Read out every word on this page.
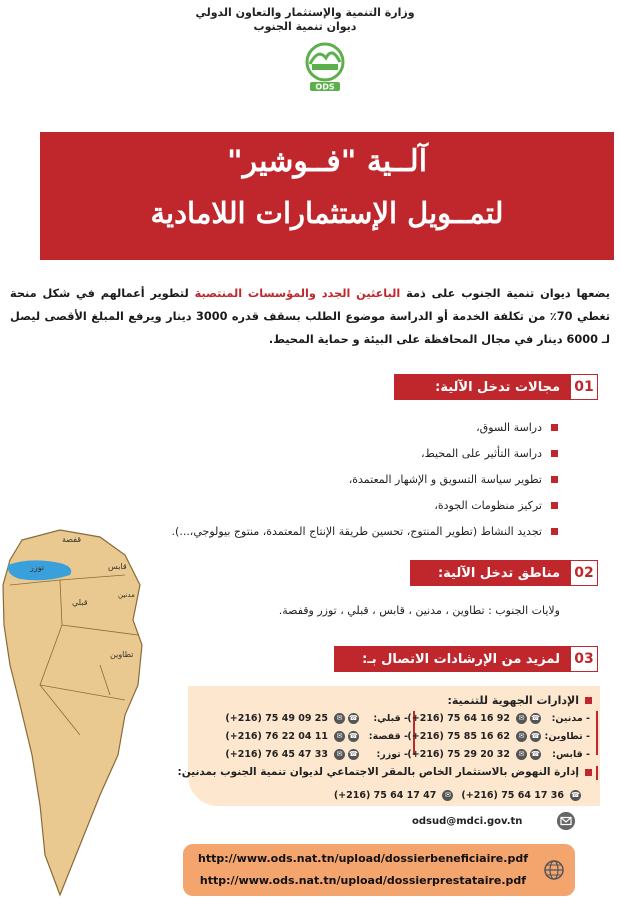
وزارة التنمية والإستثمار والتعاون الدولي
ديوان تنمية الجنوب
ODS
آلــية "فــوشير"
لتمــويل الإستثمارات اللامادية

يضعها ديوان تنمية الجنوب على ذمة الباعثين الجدد والمؤسسات المنتصبة لتطوير أعمالهم في شكل منحة تغطي 70٪ من تكلفة الخدمة أو الدراسة موضوع الطلب بسقف قدره 3000 دينار ويرفع المبلغ الأقصى ليصل لـ 6000 دينار في مجال المحافظة على البيئة و حماية المحيط.

01
مجالات تدخل الآلية:
دراسة السوق،
دراسة التأثير على المحيط،
تطوير سياسة التسويق و الإشهار المعتمدة،
تركيز منظومات الجودة،
تجديد النشاط (تطوير المنتوج، تحسين طريقة الإنتاج المعتمدة، منتوج بيولوجي،...).
قفصة
توزر	قابس
قبلي
مدنين
تطاوين
02
مناطق تدخل الآلية:
ولايات الجنوب : تطاوين ، مدنين ، قابس ، قبلي ، توزر وقفصة.
03
لمزيد من الإرشادات الاتصال بـ:
الإدارات الجهوية للتنمية:
- مدنين:
☎
✉
(+216) 75 64 16 92
- تطاوين:
☎
✉
(+216) 75 85 16 62
- قابس:
☎
✉
(+216) 75 29 20 32
- قبلي:
☎
✉
(+216) 75 49 09 25
- قفصة:
☎
✉
(+216) 76 22 04 11
- توزر:
☎
✉
(+216) 76 45 47 33
إدارة النهوض بالاستثمار الخاص بالمقر الاجتماعي لديوان تنمية الجنوب بمدنين:
☎
(+216) 75 64 17 36
✉
(+216) 75 64 17 47
odsud@mdci.gov.tn
http://www.ods.nat.tn/upload/dossierbeneficiaire.pdf
http://www.ods.nat.tn/upload/dossierprestataire.pdf
